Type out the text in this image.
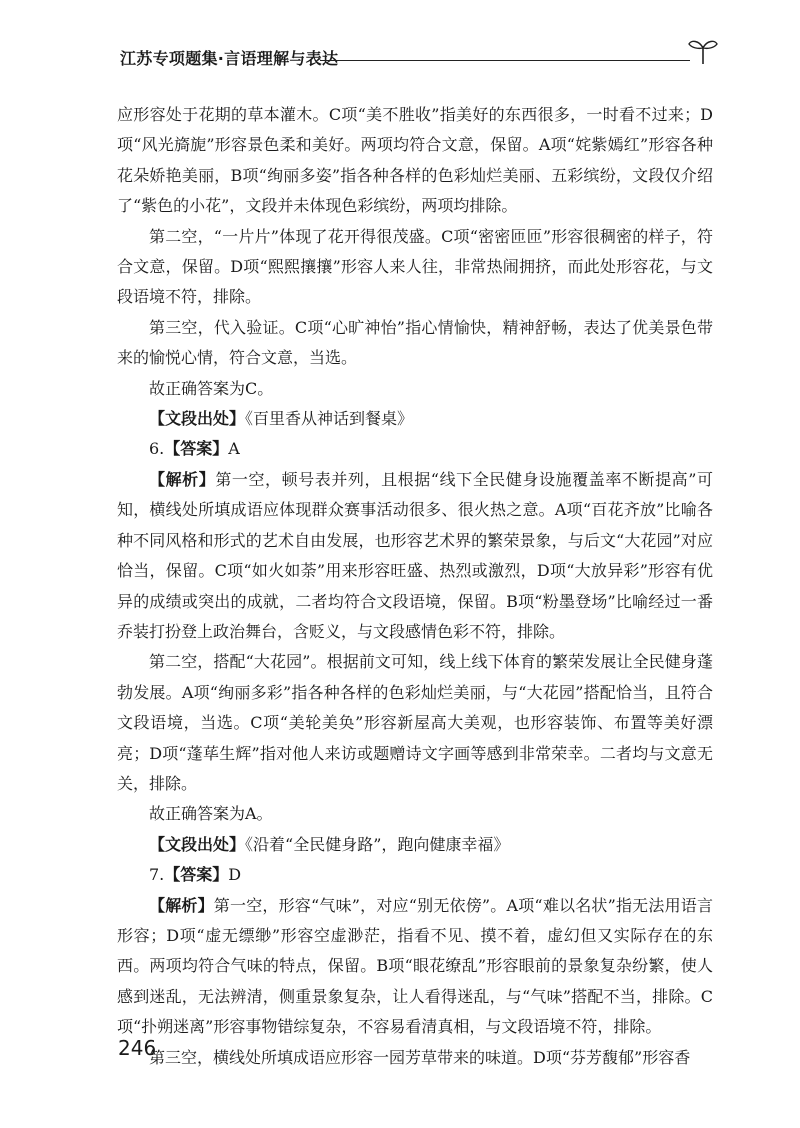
江苏专项题集·言语理解与表达

应形容处于花期的草本灌木。C项“美不胜收”指美好的东西很多，一时看不过来；D项“风光旖旎”形容景色柔和美好。两项均符合文意，保留。A项“姹紫嫣红”形容各种花朵娇艳美丽，B项“绚丽多姿”指各种各样的色彩灿烂美丽、五彩缤纷，文段仅介绍了“紫色的小花”，文段并未体现色彩缤纷，两项均排除。

第二空，“一片片”体现了花开得很茂盛。C项“密密匝匝”形容很稠密的样子，符合文意，保留。D项“熙熙攘攘”形容人来人往，非常热闹拥挤，而此处形容花，与文段语境不符，排除。

第三空，代入验证。C项“心旷神怡”指心情愉快，精神舒畅，表达了优美景色带来的愉悦心情，符合文意，当选。

故正确答案为C。

【文段出处】《百里香从神话到餐桌》

6.【答案】A

【解析】第一空，顿号表并列，且根据“线下全民健身设施覆盖率不断提高”可知，横线处所填成语应体现群众赛事活动很多、很火热之意。A项“百花齐放”比喻各种不同风格和形式的艺术自由发展，也形容艺术界的繁荣景象，与后文“大花园”对应恰当，保留。C项“如火如荼”用来形容旺盛、热烈或激烈，D项“大放异彩”形容有优异的成绩或突出的成就，二者均符合文段语境，保留。B项“粉墨登场”比喻经过一番乔装打扮登上政治舞台，含贬义，与文段感情色彩不符，排除。

第二空，搭配“大花园”。根据前文可知，线上线下体育的繁荣发展让全民健身蓬勃发展。A项“绚丽多彩”指各种各样的色彩灿烂美丽，与“大花园”搭配恰当，且符合文段语境，当选。C项“美轮美奂”形容新屋高大美观，也形容装饰、布置等美好漂亮；D项“蓬荜生辉”指对他人来访或题赠诗文字画等感到非常荣幸。二者均与文意无关，排除。

故正确答案为A。

【文段出处】《沿着“全民健身路”，跑向健康幸福》

7.【答案】D

【解析】第一空，形容“气味”，对应“别无依傍”。A项“难以名状”指无法用语言形容；D项“虚无缥缈”形容空虚渺茫，指看不见、摸不着，虚幻但又实际存在的东西。两项均符合气味的特点，保留。B项“眼花缭乱”形容眼前的景象复杂纷繁，使人感到迷乱，无法辨清，侧重景象复杂，让人看得迷乱，与“气味”搭配不当，排除。C项“扑朔迷离”形容事物错综复杂，不容易看清真相，与文段语境不符，排除。

第三空，横线处所填成语应形容一园芳草带来的味道。D项“芬芳馥郁”形容香

246
